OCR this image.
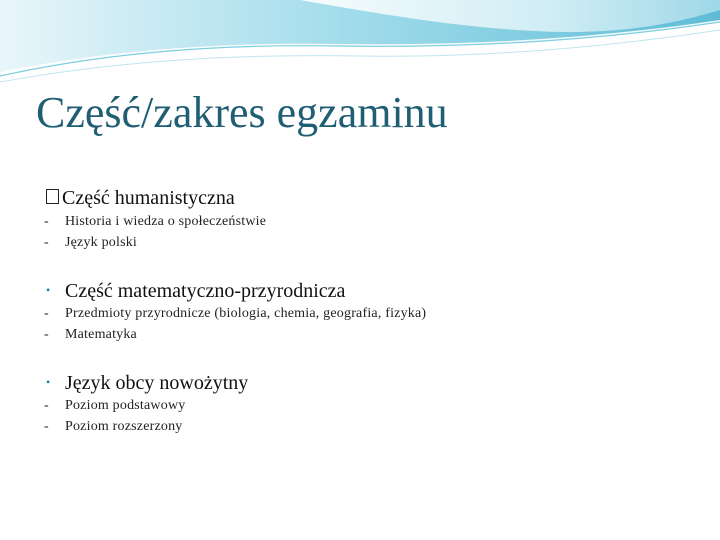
Część/zakres egzaminu
Część humanistyczna
- Historia i wiedza o społeczeństwie
- Język polski
• Część matematyczno-przyrodnicza
- Przedmioty przyrodnicze (biologia, chemia, geografia, fizyka)
- Matematyka
• Język obcy nowożytny
- Poziom podstawowy
- Poziom rozszerzony
